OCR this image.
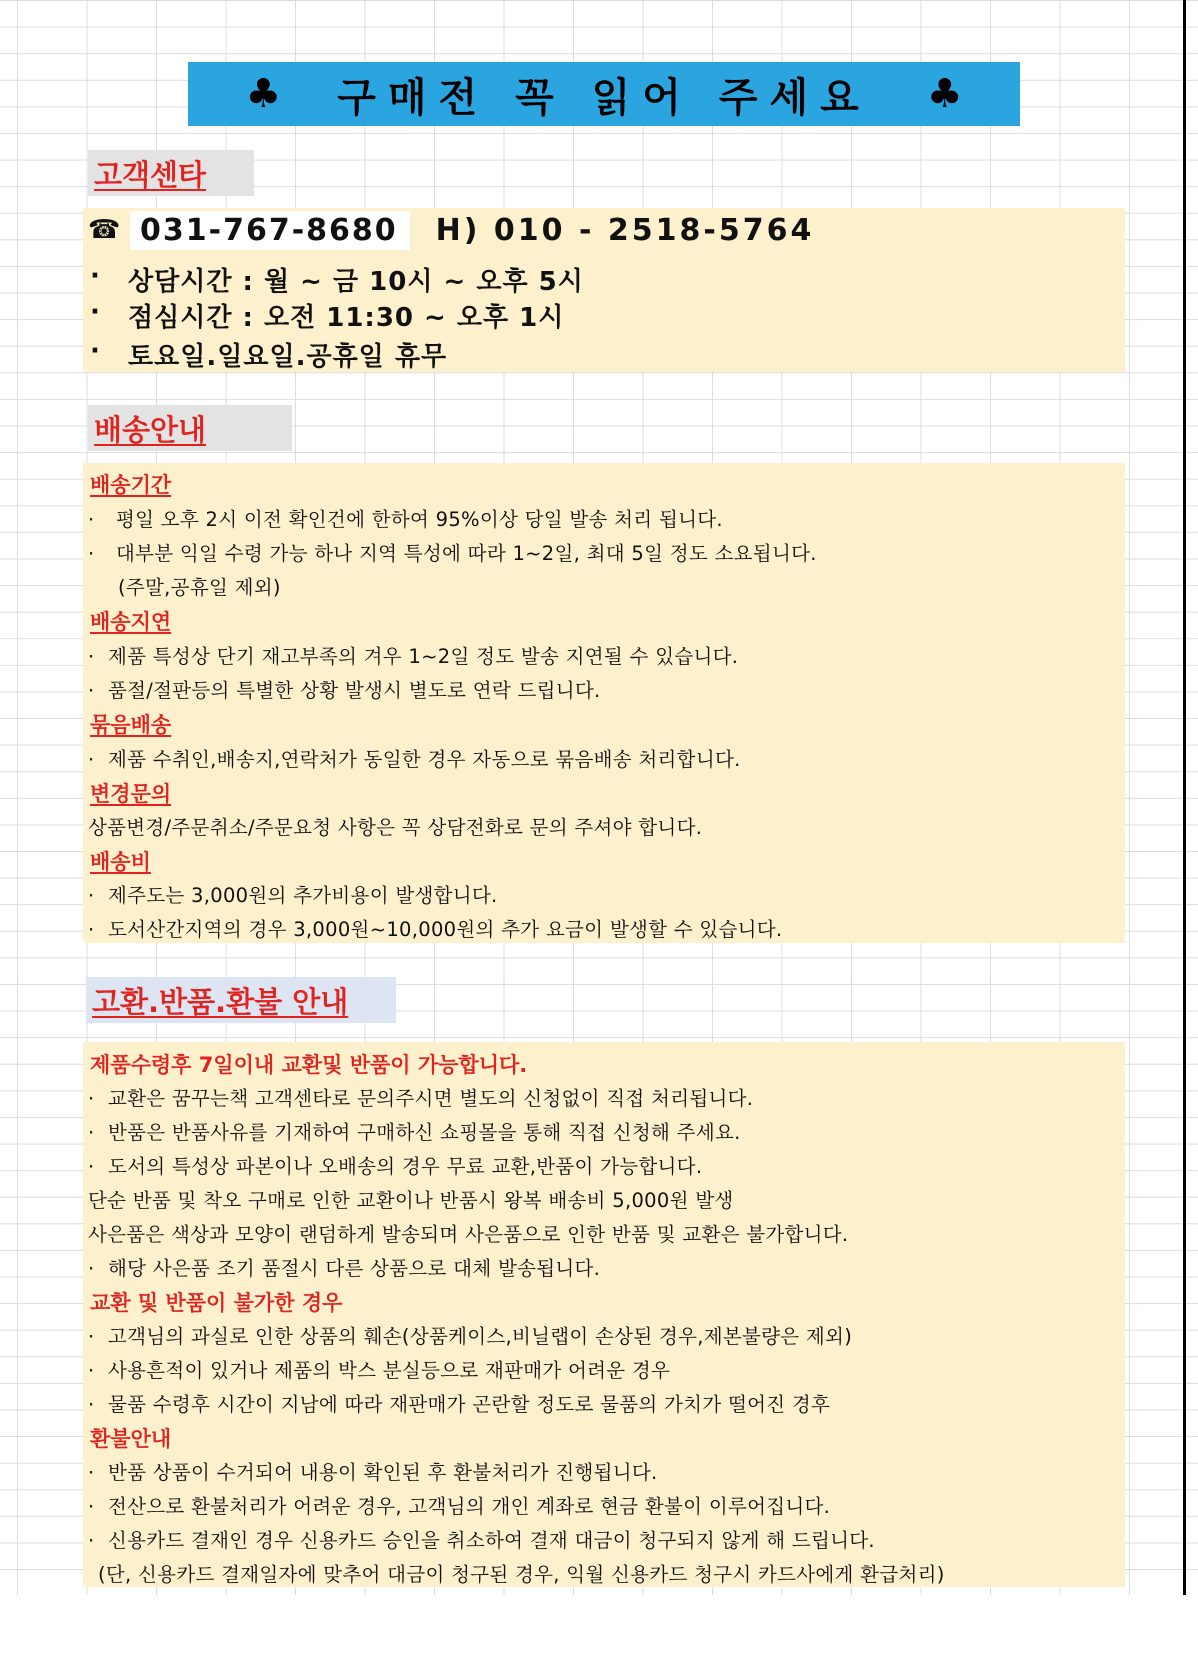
♣ 구매전 꼭 읽어 주세요 ♣
고객센타
☎ 031-767-8680	H) 010 - 2518-5764
·	상담시간 : 월 ~ 금 10시 ~ 오후 5시
·	점심시간 : 오전 11:30 ~ 오후 1시
·	토요일.일요일.공휴일 휴무
배송안내
배송기간
· 평일 오후 2시 이전 확인건에 한하여 95%이상 당일 발송 처리 됩니다.
· 대부분 익일 수령 가능 하나 지역 특성에 따라 1~2일, 최대 5일 정도 소요됩니다.
(주말,공휴일 제외)
배송지연
· 제품 특성상 단기 재고부족의 겨우 1~2일 정도 발송 지연될 수 있습니다.
· 품절/절판등의 특별한 상황 발생시 별도로 연락 드립니다.
묶음배송
· 제품 수취인,배송지,연락처가 동일한 경우 자동으로 묶음배송 처리합니다.
변경문의
상품변경/주문취소/주문요청 사항은 꼭 상담전화로 문의 주셔야 합니다.
배송비
· 제주도는 3,000원의 추가비용이 발생합니다.
· 도서산간지역의 경우 3,000원~10,000원의 추가 요금이 발생할 수 있습니다.
고환.반품.환불 안내
제품수령후 7일이내 교환및 반품이 가능합니다.
· 교환은 꿈꾸는책 고객센타로 문의주시면 별도의 신청없이 직접 처리됩니다.
· 반품은 반품사유를 기재하여 구매하신 쇼핑몰을 통해 직접 신청해 주세요.
· 도서의 특성상 파본이나 오배송의 경우 무료 교환,반품이 가능합니다.
단순 반품 및 착오 구매로 인한 교환이나 반품시 왕복 배송비 5,000원 발생
사은품은 색상과 모양이 랜덤하게 발송되며 사은품으로 인한 반품 및 교환은 불가합니다.
· 해당 사은품 조기 품절시 다른 상품으로 대체 발송됩니다.
교환 및 반품이 불가한 경우
· 고객님의 과실로 인한 상품의 훼손(상품케이스,비닐랩이 손상된 경우,제본불량은 제외)
· 사용흔적이 있거나 제품의 박스 분실등으로 재판매가 어려운 경우
· 물품 수령후 시간이 지남에 따라 재판매가 곤란할 정도로 물품의 가치가 떨어진 경후
환불안내
· 반품 상품이 수거되어 내용이 확인된 후 환불처리가 진행됩니다.
· 전산으로 환불처리가 어려운 경우, 고객님의 개인 계좌로 현금 환불이 이루어집니다.
· 신용카드 결재인 경우 신용카드 승인을 취소하여 결재 대금이 청구되지 않게 해 드립니다.
(단, 신용카드 결재일자에 맞추어 대금이 청구된 경우, 익월 신용카드 청구시 카드사에게 환급처리)
